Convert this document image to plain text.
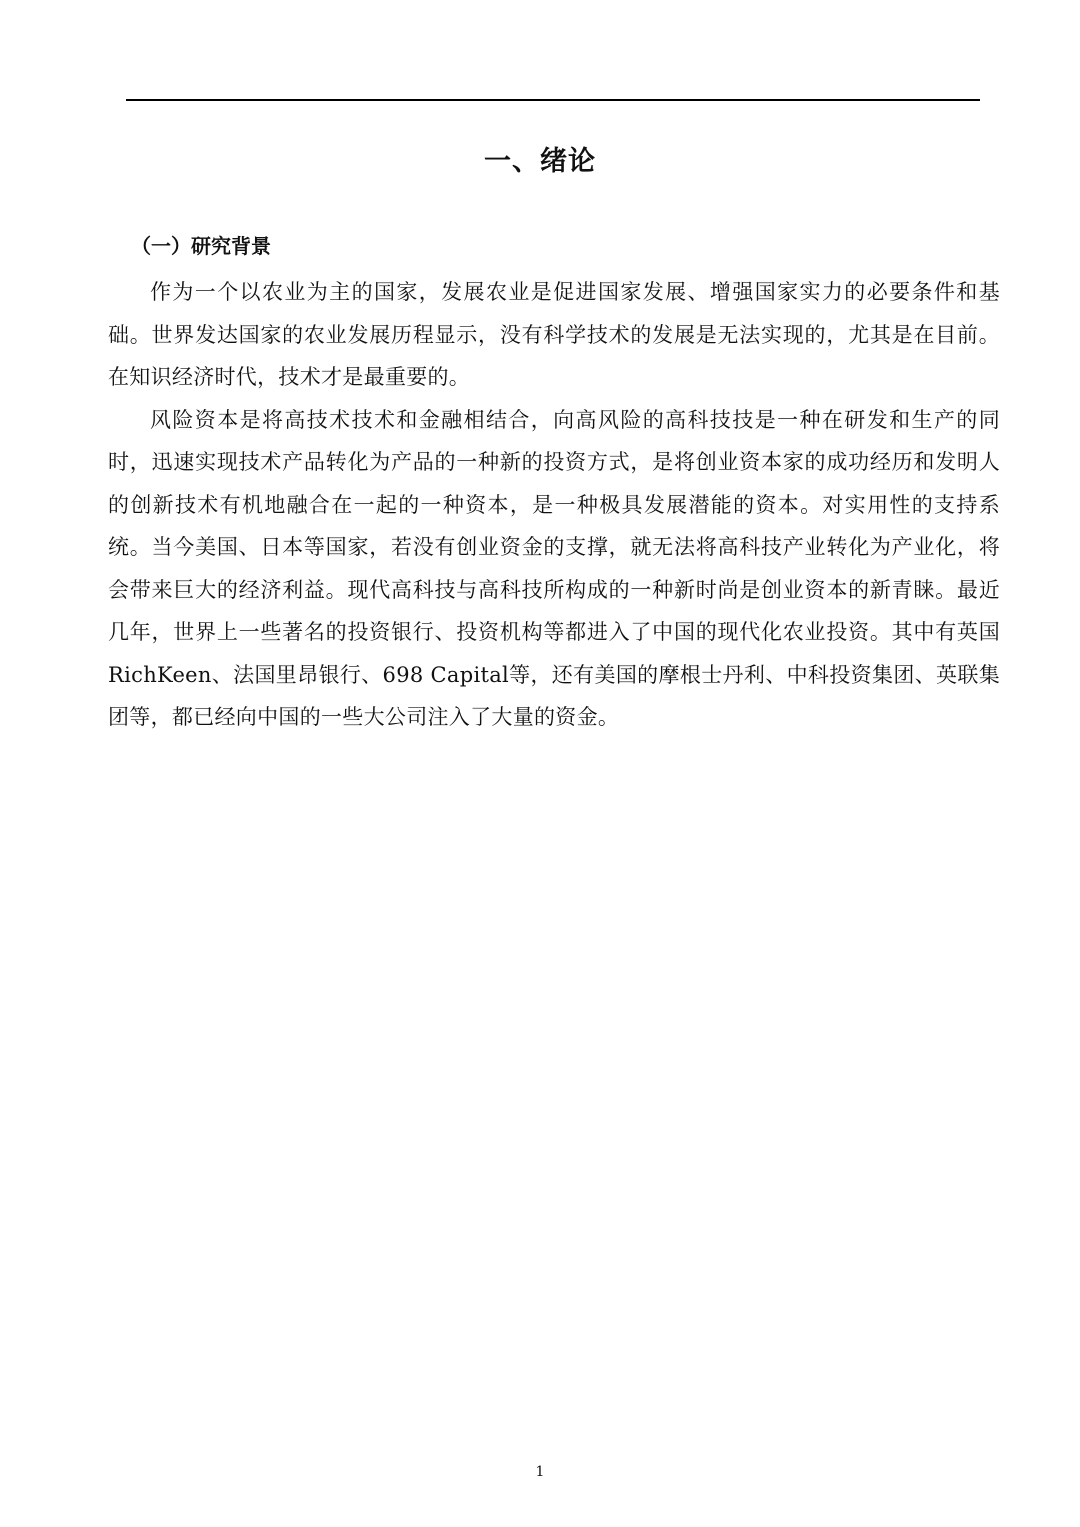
一、绪论
（一）研究背景

作为一个以农业为主的国家，发展农业是促进国家发展、增强国家实力的必要条件和基础。世界发达国家的农业发展历程显示，没有科学技术的发展是无法实现的，尤其是在目前。在知识经济时代，技术才是最重要的。

风险资本是将高技术技术和金融相结合，向高风险的高科技技是一种在研发和生产的同时，迅速实现技术产品转化为产品的一种新的投资方式，是将创业资本家的成功经历和发明人的创新技术有机地融合在一起的一种资本，是一种极具发展潜能的资本。对实用性的支持系统。当今美国、日本等国家，若没有创业资金的支撑，就无法将高科技产业转化为产业化，将会带来巨大的经济利益。现代高科技与高科技所构成的一种新时尚是创业资本的新青睐。最近几年，世界上一些著名的投资银行、投资机构等都进入了中国的现代化农业投资。其中有英国 RichKeen、法国里昂银行、698 Capital等，还有美国的摩根士丹利、中科投资集团、英联集团等，都已经向中国的一些大公司注入了大量的资金。

1
